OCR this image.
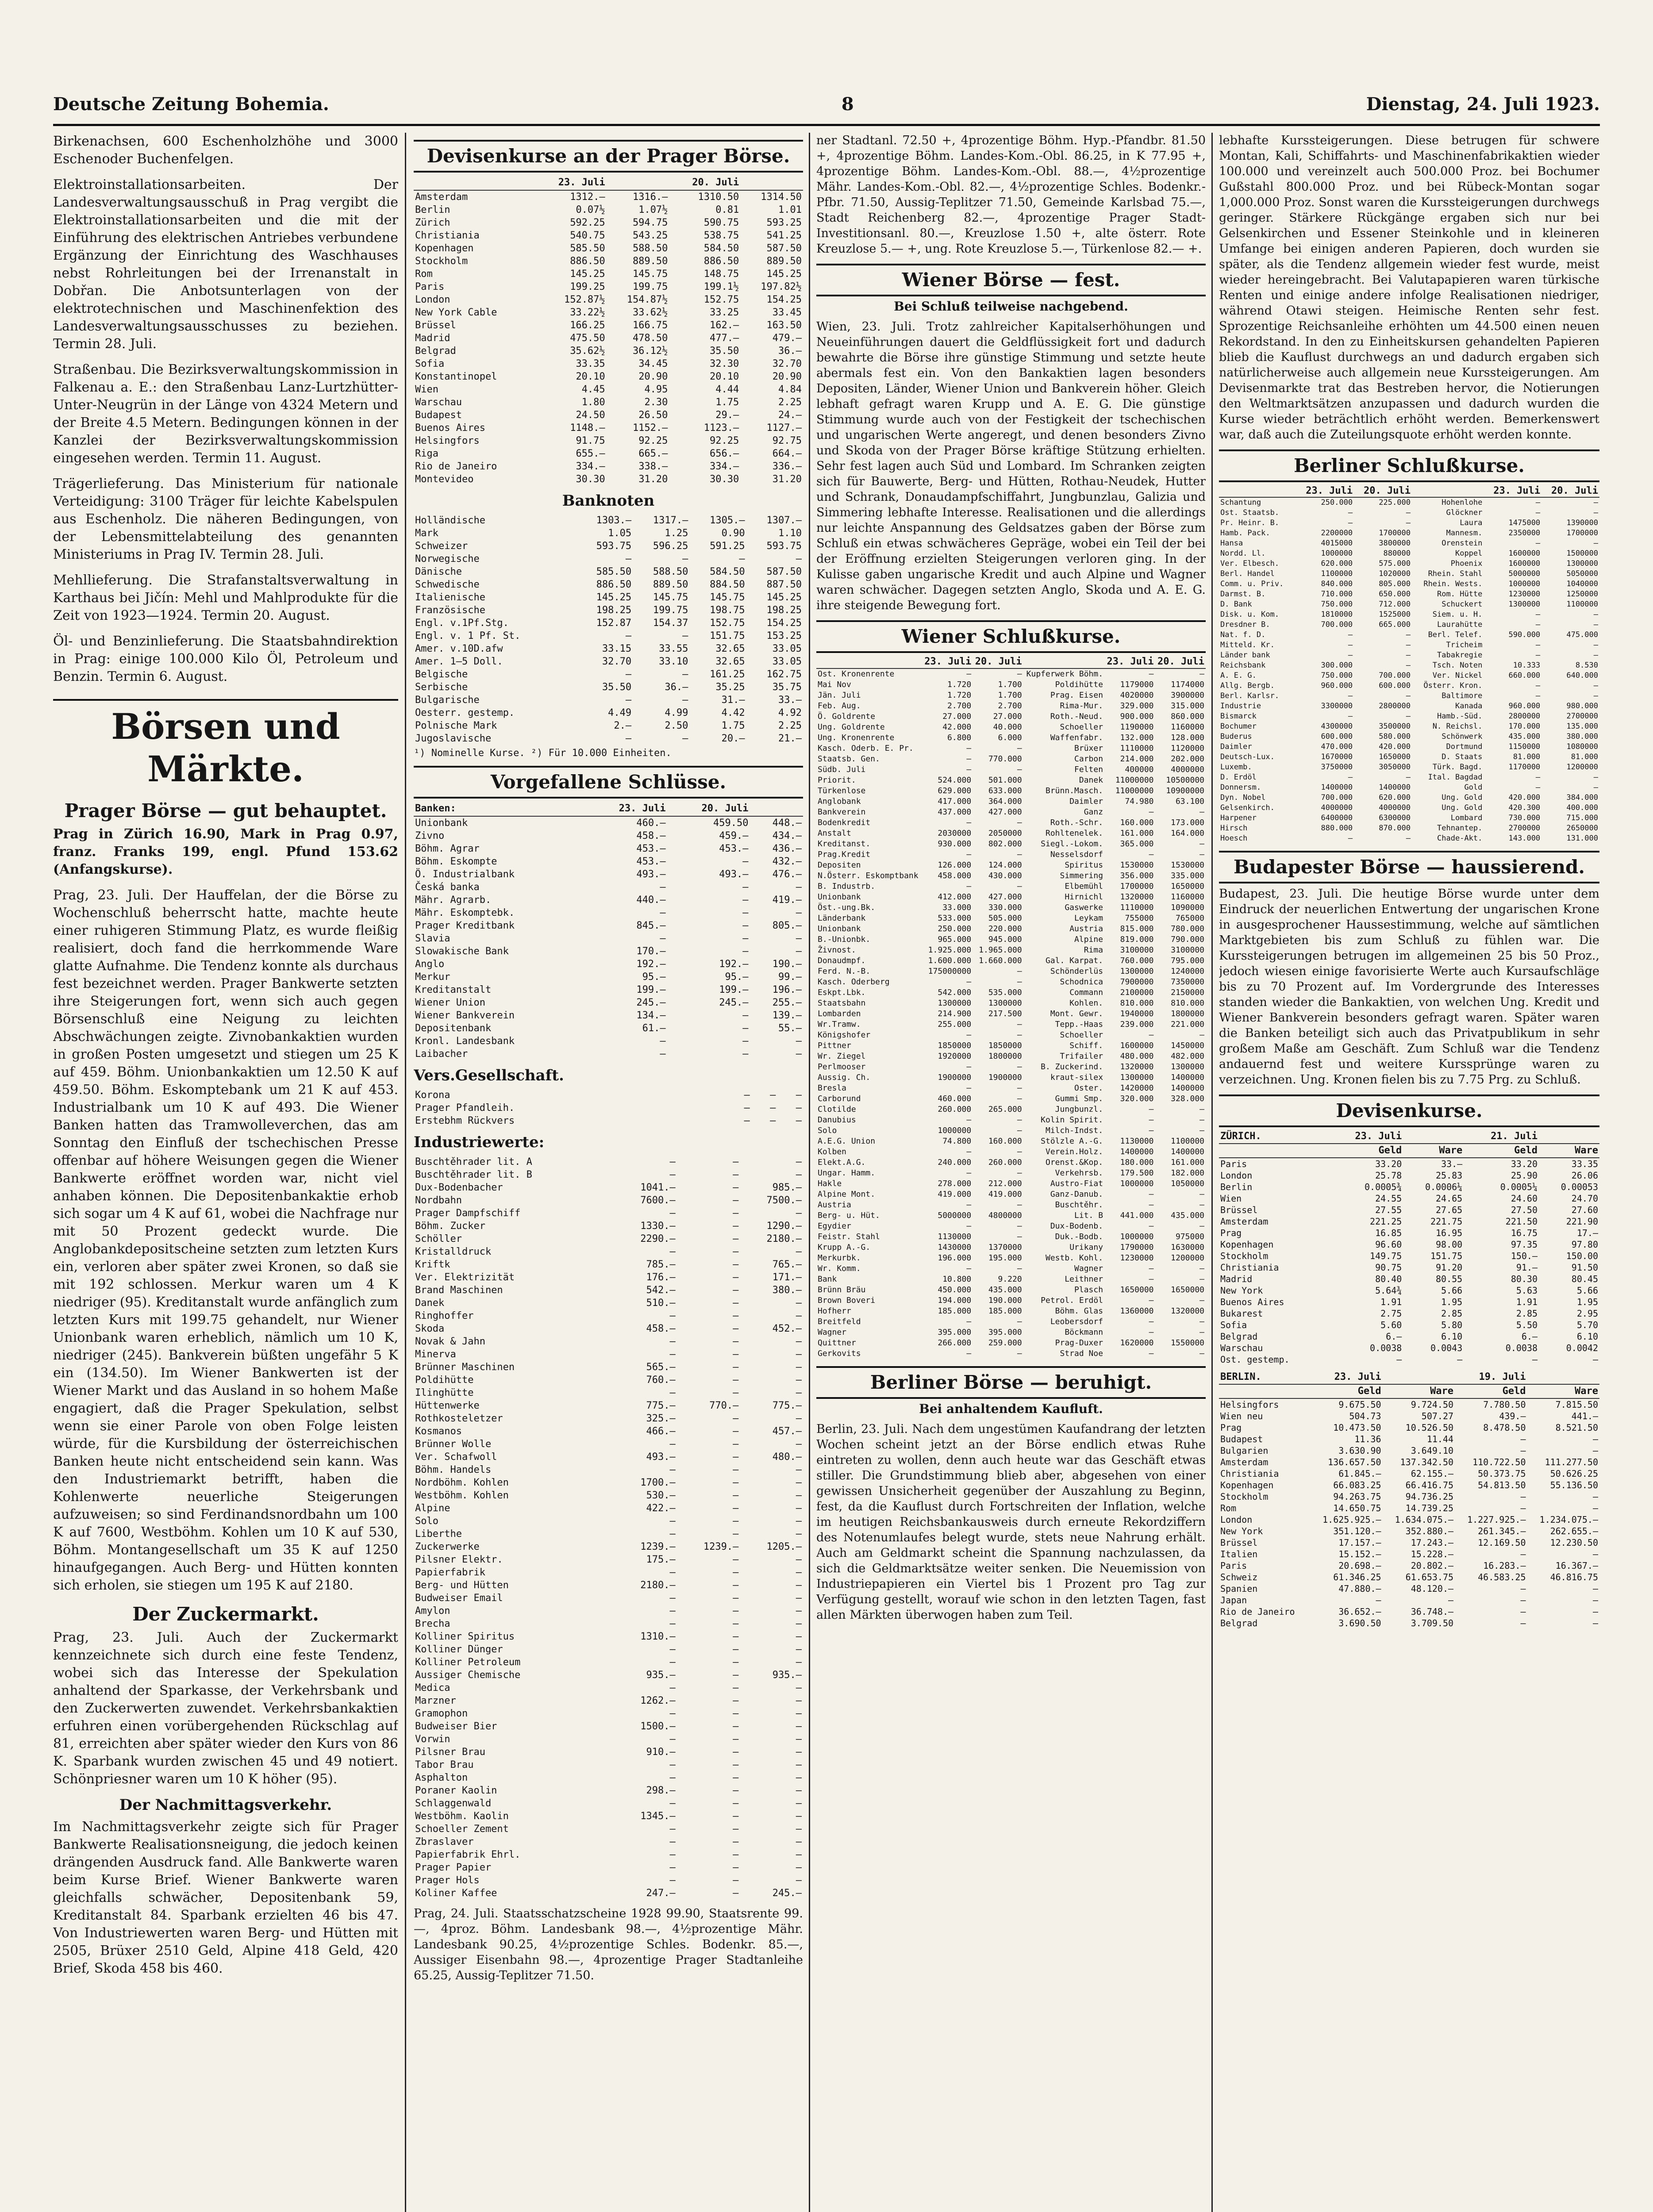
Deutsche Zeitung Bohemia.	8	Dienstag, 24. Juli 1923.

Birkenachsen, 600 Eschenholzhöhe und 3000 Eschenoder Buchenfelgen.

Elektroinstallationsarbeiten. Der Landesverwaltungsausschuß in Prag vergibt die Elektroinstallationsarbeiten und die mit der Einführung des elektrischen Antriebes verbundene Ergänzung der Einrichtung des Waschhauses nebst Rohrleitungen bei der Irrenanstalt in Dobřan. Die Anbotsunterlagen von der elektrotechnischen und Maschinenfektion des Landesverwaltungsausschusses zu beziehen. Termin 28. Juli.

Straßenbau. Die Bezirksverwaltungskommission in Falkenau a. E.: den Straßenbau Lanz-Lurtzhütter-Unter-Neugrün in der Länge von 4324 Metern und der Breite 4.5 Metern. Bedingungen können in der Kanzlei der Bezirksverwaltungskommission eingesehen werden. Termin 11. August.

Trägerlieferung. Das Ministerium für nationale Verteidigung: 3100 Träger für leichte Kabelspulen aus Eschenholz. Die näheren Bedingungen, von der Lebensmittelabteilung des genannten Ministeriums in Prag IV. Termin 28. Juli.

Mehllieferung. Die Strafanstaltsverwaltung in Karthaus bei Jičín: Mehl und Mahlprodukte für die Zeit von 1923—1924. Termin 20. August.

Öl- und Benzinlieferung. Die Staatsbahndirektion in Prag: einige 100.000 Kilo Öl, Petroleum und Benzin. Termin 6. August.

Börsen und Märkte.
Prager Börse — gut behauptet.

Prag in Zürich 16.90, Mark in Prag 0.97, franz. Franks 199, engl. Pfund 153.62 (Anfangskurse).

Prag, 23. Juli. Der Hauffelan, der die Börse zu Wochenschluß beherrscht hatte, machte heute einer ruhigeren Stimmung Platz, es wurde fleißig realisiert, doch fand die herrkommende Ware glatte Aufnahme. Die Tendenz konnte als durchaus fest bezeichnet werden. Prager Bankwerte setzten ihre Steigerungen fort, wenn sich auch gegen Börsenschluß eine Neigung zu leichten Abschwächungen zeigte. Zivnobankaktien wurden in großen Posten umgesetzt und stiegen um 25 K auf 459. Böhm. Unionbankaktien um 12.50 K auf 459.50. Böhm. Eskomptebank um 21 K auf 453. Industrialbank um 10 K auf 493. Die Wiener Banken hatten das Tramwolleverchen, das am Sonntag den Einfluß der tschechischen Presse offenbar auf höhere Weisungen gegen die Wiener Bankwerte eröffnet worden war, nicht viel anhaben können. Die Depositenbankaktie erhob sich sogar um 4 K auf 61, wobei die Nachfrage nur mit 50 Prozent gedeckt wurde. Die Anglobankdepositscheine setzten zum letzten Kurs ein, verloren aber später zwei Kronen, so daß sie mit 192 schlossen. Merkur waren um 4 K niedriger (95). Kreditanstalt wurde anfänglich zum letzten Kurs mit 199.75 gehandelt, nur Wiener Unionbank waren erheblich, nämlich um 10 K, niedriger (245). Bankverein büßten ungefähr 5 K ein (134.50). Im Wiener Bankwerten ist der Wiener Markt und das Ausland in so hohem Maße engagiert, daß die Prager Spekulation, selbst wenn sie einer Parole von oben Folge leisten würde, für die Kursbildung der österreichischen Banken heute nicht entscheidend sein kann. Was den Industriemarkt betrifft, haben die Kohlenwerte neuerliche Steigerungen aufzuweisen; so sind Ferdinandsnordbahn um 100 K auf 7600, Westböhm. Kohlen um 10 K auf 530, Böhm. Montangesellschaft um 35 K auf 1250 hinaufgegangen. Auch Berg- und Hütten konnten sich erholen, sie stiegen um 195 K auf 2180.

Der Zuckermarkt.

Prag, 23. Juli. Auch der Zuckermarkt kennzeichnete sich durch eine feste Tendenz, wobei sich das Interesse der Spekulation anhaltend der Sparkasse, der Verkehrsbank und den Zuckerwerten zuwendet. Verkehrsbankaktien erfuhren einen vorübergehenden Rückschlag auf 81, erreichten aber später wieder den Kurs von 86 K. Sparbank wurden zwischen 45 und 49 notiert. Schönpriesner waren um 10 K höher (95).

Der Nachmittagsverkehr.

Im Nachmittagsverkehr zeigte sich für Prager Bankwerte Realisationsneigung, die jedoch keinen drängenden Ausdruck fand. Alle Bankwerte waren beim Kurse Brief. Wiener Bankwerte waren gleichfalls schwächer, Depositenbank 59, Kreditanstalt 84. Sparbank erzielten 46 bis 47. Von Industriewerten waren Berg- und Hütten mit 2505, Brüxer 2510 Geld, Alpine 418 Geld, 420 Brief, Skoda 458 bis 460.

Devisenkurse an der Prager Börse.
	23. Juli		20. Juli	
Amsterdam	1312.—	1316.—	1310.50	1314.50
Berlin	0.07½	1.07½	0.81	1.01
Zürich	592.25	594.75	590.75	593.25
Christiania	540.75	543.25	538.75	541.25
Kopenhagen	585.50	588.50	584.50	587.50
Stockholm	886.50	889.50	886.50	889.50
Rom	145.25	145.75	148.75	145.25
Paris	199.25	199.75	199.1½	197.82½
London	152.87½	154.87½	152.75	154.25
New York Cable	33.22½	33.62½	33.25	33.45
Brüssel	166.25	166.75	162.—	163.50
Madrid	475.50	478.50	477.—	479.—
Belgrad	35.62½	36.12½	35.50	36.—
Sofia	33.35	34.45	32.30	32.70
Konstantinopel	20.10	20.90	20.10	20.90
Wien	4.45	4.95	4.44	4.84
Warschau	1.80	2.30	1.75	2.25
Budapest	24.50	26.50	29.—	24.—
Buenos Aires	1148.—	1152.—	1123.—	1127.—
Helsingfors	91.75	92.25	92.25	92.75
Riga	655.—	665.—	656.—	664.—
Rio de Janeiro	334.—	338.—	334.—	336.—
Montevideo	30.30	31.20	30.30	31.20
Banknoten
Holländische	1303.—	1317.—	1305.—	1307.—
Mark	1.05	1.25	0.90	1.10
Schweizer	593.75	596.25	591.25	593.75
Norwegische	—	—	—	—
Dänische	585.50	588.50	584.50	587.50
Schwedische	886.50	889.50	884.50	887.50
Italienische	145.25	145.75	145.75	145.25
Französische	198.25	199.75	198.75	198.25
Engl. v.1Pf.Stg.	152.87	154.37	152.75	154.25
Engl. v. 1 Pf. St.	—	—	151.75	153.25
Amer. v.10D.afw	33.15	33.55	32.65	33.05
Amer. 1—5 Doll.	32.70	33.10	32.65	33.05
Belgische	—	—	161.25	162.75
Serbische	35.50	36.—	35.25	35.75
Bulgarische	—	—	31.—	33.—
Oesterr. gestemp.	4.49	4.99	4.42	4.92
Polnische Mark	2.—	2.50	1.75	2.25
Jugoslavische	—	—	20.—	21.—
¹) Nominelle Kurse. ²) Für 10.000 Einheiten.
Vorgefallene Schlüsse.
Banken:	23. Juli	20. Juli	
Unionbank	460.—	459.50	448.—
Zivno	458.—	459.—	434.—
Böhm. Agrar	453.—	453.—	436.—
Böhm. Eskompte	453.—	—	432.—
Ö. Industrialbank	493.—	493.—	476.—
Česká banka	—	—	—
Mähr. Agrarb.	440.—	—	419.—
Mähr. Eskomptebk.	—	—	—
Prager Kreditbank	845.—	—	805.—
Slavia	—	—	—
Slowakische Bank	170.—	—	—
Anglo	192.—	192.—	190.—
Merkur	95.—	95.—	99.—
Kreditanstalt	199.—	199.—	196.—
Wiener Union	245.—	245.—	255.—
Wiener Bankverein	134.—	—	139.—
Depositenbank	61.—	—	55.—
Kronl. Landesbank	—	—	—
Laibacher	—	—	—
Vers.Gesellschaft.
Korona	—	—	—
Prager Pfandleih.	—	—	—
Erstebhm Rückvers	—	—	—
Industriewerte:
Buschtěhrader lit. A	—	—	—
Buschtěhrader lit. B	—	—	—
Dux-Bodenbacher	1041.—	—	985.—
Nordbahn	7600.—	—	7500.—
Prager Dampfschiff	—	—	—
Böhm. Zucker	1330.—	—	1290.—
Schöller	2290.—	—	2180.—
Kristalldruck	—	—	—
Kriftk	785.—	—	765.—
Ver. Elektrizität	176.—	—	171.—
Brand Maschinen	542.—	—	380.—
Danek	510.—	—	—
Ringhoffer	—	—	—
Skoda	458.—	—	452.—
Novak & Jahn	—	—	—
Minerva	—	—	—
Brünner Maschinen	565.—	—	—
Poldihütte	760.—	—	—
Ilinghütte	—	—	—
Hüttenwerke	775.—	770.—	775.—
Rothkosteletzer	325.—	—	—
Kosmanos	466.—	—	457.—
Brünner Wolle	—	—	—
Ver. Schafwoll	493.—	—	480.—
Böhm. Handels	—	—	—
Nordböhm. Kohlen	1700.—	—	—
Westböhm. Kohlen	530.—	—	—
Alpine	422.—	—	—
Solo	—	—	—
Liberthe	—	—	—
Zuckerwerke	1239.—	1239.—	1205.—
Pilsner Elektr.	175.—	—	—
Papierfabrik	—	—	—
Berg- und Hütten	2180.—	—	—
Budweiser Email	—	—	—
Amylon	—	—	—
Brecha	—	—	—
Kolliner Spiritus	1310.—	—	—
Kolliner Dünger	—	—	—
Kolliner Petroleum	—	—	—
Aussiger Chemische	935.—	—	935.—
Medica	—	—	—
Marzner	1262.—	—	—
Gramophon	—	—	—
Budweiser Bier	1500.—	—	—
Vorwin	—	—	—
Pilsner Brau	910.—	—	—
Tabor Brau	—	—	—
Asphalton	—	—	—
Poraner Kaolin	298.—	—	—
Schlaggenwald	—	—	—
Westböhm. Kaolin	1345.—	—	—
Schoeller Zement	—	—	—
Zbraslaver	—	—	—
Papierfabrik Ehrl.	—	—	—
Prager Papier	—	—	—
Prager Hols	—	—	—
Koliner Kaffee	247.—	—	245.—

Prag, 24. Juli. Staatsschatzscheine 1928 99.90, Staatsrente 99.—, 4proz. Böhm. Landesbank 98.—, 4½prozentige Mähr. Landesbank 90.25, 4½prozentige Schles. Bodenkr. 85.—, Aussiger Eisenbahn 98.—, 4prozentige Prager Stadtanleihe 65.25, Aussig-Teplitzer 71.50.

ner Stadtanl. 72.50 +, 4prozentige Böhm. Hyp.-Pfandbr. 81.50 +, 4prozentige Böhm. Landes-Kom.-Obl. 86.25, in K 77.95 +, 4prozentige Böhm. Landes-Kom.-Obl. 88.—, 4½prozentige Mähr. Landes-Kom.-Obl. 82.—, 4½prozentige Schles. Bodenkr.-Pfbr. 71.50, Aussig-Teplitzer 71.50, Gemeinde Karlsbad 75.—, Stadt Reichenberg 82.—, 4prozentige Prager Stadt-Investitionsanl. 80.—, Kreuzlose 1.50 +, alte österr. Rote Kreuzlose 5.— +, ung. Rote Kreuzlose 5.—, Türkenlose 82.— +.

Wiener Börse — fest.
Bei Schluß teilweise nachgebend.

Wien, 23. Juli. Trotz zahlreicher Kapitalserhöhungen und Neueinführungen dauert die Geldflüssigkeit fort und dadurch bewahrte die Börse ihre günstige Stimmung und setzte heute abermals fest ein. Von den Bankaktien lagen besonders Depositen, Länder, Wiener Union und Bankverein höher. Gleich lebhaft gefragt waren Krupp und A. E. G. Die günstige Stimmung wurde auch von der Festigkeit der tschechischen und ungarischen Werte angeregt, und denen besonders Zivno und Skoda von der Prager Börse kräftige Stützung erhielten. Sehr fest lagen auch Süd und Lombard. Im Schranken zeigten sich für Bauwerte, Berg- und Hütten, Rothau-Neudek, Hutter und Schrank, Donaudampfschiffahrt, Jungbunzlau, Galizia und Simmering lebhafte Interesse. Realisationen und die allerdings nur leichte Anspannung des Geldsatzes gaben der Börse zum Schluß ein etwas schwächeres Gepräge, wobei ein Teil der bei der Eröffnung erzielten Steigerungen verloren ging. In der Kulisse gaben ungarische Kredit und auch Alpine und Wagner waren schwächer. Dagegen setzten Anglo, Skoda und A. E. G. ihre steigende Bewegung fort.

Wiener Schlußkurse.
	23. Juli	20. Juli		23. Juli	20. Juli
Ost. Kronenrente	—	—	Kupferwerk Böhm.	—	—
Mai Nov	1.720	1.700	Poldihütte	1179000	1174000
Jän. Juli	1.720	1.700	Prag. Eisen	4020000	3900000
Feb. Aug.	2.700	2.700	Rima-Mur.	329.000	315.000
Ö. Goldrente	27.000	27.000	Roth.-Neud.	900.000	860.000
Ung. Goldrente	42.000	40.000	Schoeller	1190000	1160000
Ung. Kronenrente	6.800	6.000	Waffenfabr.	132.000	128.000
Kasch. Oderb. E. Pr.	—	—	Brüxer	1110000	1120000
Staatsb. Gen.	—	770.000	Carbon	214.000	202.000
Südb. Juli	—	—	Felten	400000	4000000
Priorit.	524.000	501.000	Danek	11000000	10500000
Türkenlose	629.000	633.000	Brünn.Masch.	11000000	10900000
Anglobank	417.000	364.000	Daimler	74.980	63.100
Bankverein	437.000	427.000	Ganz	—	—
Bodenkredit	—	—	Roth.-Schr.	160.000	173.000
Anstalt	2030000	2050000	Rohltenelek.	161.000	164.000
Kreditanst.	930.000	802.000	Siegl.-Lokom.	365.000	—
Prag.Kredit	—	—	Nesselsdorf	—	—
Depositen	126.000	124.000	Spiritus	1530000	1530000
N.Österr. Eskomptbank	458.000	430.000	Simmering	356.000	335.000
B. Industrb.	—	—	Elbemühl	1700000	1650000
Unionbank	412.000	427.000	Hirnichl	1320000	1160000
Öst.-ung.Bk.	33.000	330.000	Gaswerke	1110000	1090000
Länderbank	533.000	505.000	Leykam	755000	765000
Unionbank	250.000	220.000	Austria	815.000	780.000
B.-Unionbk.	965.000	945.000	Alpine	819.000	790.000
Živnost.	1.925.000	1.965.000	Rima	3100000	3100000
Donaudmpf.	1.600.000	1.660.000	Gal. Karpat.	760.000	795.000
Ferd. N.-B.	175000000	—	Schönderlüs	1300000	1240000
Kasch. Oderberg	—	—	Schodnica	7900000	7350000
Eskpt.Lbk.	542.000	535.000	Commann	2100000	2150000
Staatsbahn	1300000	1300000	Kohlen.	810.000	810.000
Lombarden	214.900	217.500	Mont. Gewr.	1940000	1800000
Wr.Tramw.	255.000	—	Tepp.-Haas	239.000	221.000
Königshofer	—	—	Schoeller	—	—
Pittner	1850000	1850000	Schiff.	1600000	1450000
Wr. Ziegel	1920000	1800000	Trifailer	480.000	482.000
Perlmooser	—	—	B. Zuckerind.	1320000	1300000
Aussig. Ch.	1900000	1900000	kraut-silex	1300000	1400000
Bresla	—	—	Oster.	1420000	1400000
Carborund	460.000	—	Gummi Smp.	320.000	328.000
Clotilde	260.000	265.000	Jungbunzl.	—	—
Danubius	—	—	Kolin Spirit.	—	—
Solo	1000000	—	Milch-Indst.	—	—
A.E.G. Union	74.800	160.000	Stölzle A.-G.	1130000	1100000
Kolben	—	—	Verein.Holz.	1400000	1400000
Elekt.A.G.	240.000	260.000	Orenst.&Kop.	180.000	161.000
Ungar. Hamm.	—	—	Verkehrsb.	179.500	182.000
Hakle	278.000	212.000	Austro-Fiat	1000000	1050000
Alpine Mont.	419.000	419.000	Ganz-Danub.	—	—
Austria	—	—	Buschtěhr.	—	—
Berg- u. Hüt.	5000000	4800000	Lit. B	441.000	435.000
Egydier	—	—	Dux-Bodenb.	—	—
Feistr. Stahl	1130000	—	Duk.-Bodb.	1000000	975000
Krupp A.-G.	1430000	1370000	Urikany	1790000	1630000
Merkurbk.	196.000	195.000	Westb. Kohl.	1230000	1200000
Wr. Komm.	—	—	Wagner	—	—
Bank	10.800	9.220	Leithner	—	—
Brünn Bräu	450.000	435.000	Plasch	1650000	1650000
Brown Boveri	194.000	190.000	Petrol. Erdöl	—	—
Hofherr	185.000	185.000	Böhm. Glas	1360000	1320000
Breitfeld	—	—	Leobersdorf	—	—
Wagner	395.000	395.000	Böckmann	—	—
Quittner	266.000	259.000	Prag-Duxer	1620000	1550000
Gerkovits	—	—	Strad Noe	—	—
Berliner Börse — beruhigt.
Bei anhaltendem Kaufluft.

Berlin, 23. Juli. Nach dem ungestümen Kaufandrang der letzten Wochen scheint jetzt an der Börse endlich etwas Ruhe eintreten zu wollen, denn auch heute war das Geschäft etwas stiller. Die Grundstimmung blieb aber, abgesehen von einer gewissen Unsicherheit gegenüber der Auszahlung zu Beginn, fest, da die Kauflust durch Fortschreiten der Inflation, welche im heutigen Reichsbankausweis durch erneute Rekordziffern des Notenumlaufes belegt wurde, stets neue Nahrung erhält. Auch am Geldmarkt scheint die Spannung nachzulassen, da sich die Geldmarktsätze weiter senken. Die Neuemission von Industriepapieren ein Viertel bis 1 Prozent pro Tag zur Verfügung gestellt, worauf wie schon in den letzten Tagen, fast allen Märkten überwogen haben zum Teil.

lebhafte Kurssteigerungen. Diese betrugen für schwere Montan, Kali, Schiffahrts- und Maschinenfabrikaktien wieder 100.000 und vereinzelt auch 500.000 Proz. bei Bochumer Gußstahl 800.000 Proz. und bei Rübeck-Montan sogar 1,000.000 Proz. Sonst waren die Kurssteigerungen durchwegs geringer. Stärkere Rückgänge ergaben sich nur bei Gelsenkirchen und Essener Steinkohle und in kleineren Umfange bei einigen anderen Papieren, doch wurden sie später, als die Tendenz allgemein wieder fest wurde, meist wieder hereingebracht. Bei Valutapapieren waren türkische Renten und einige andere infolge Realisationen niedriger, während Otawi steigen. Heimische Renten sehr fest. Sprozentige Reichsanleihe erhöhten um 44.500 einen neuen Rekordstand. In den zu Einheitskursen gehandelten Papieren blieb die Kauflust durchwegs an und dadurch ergaben sich natürlicherweise auch allgemein neue Kurssteigerungen. Am Devisenmarkte trat das Bestreben hervor, die Notierungen den Weltmarktsätzen anzupassen und dadurch wurden die Kurse wieder beträchtlich erhöht werden. Bemerkenswert war, daß auch die Zuteilungsquote erhöht werden konnte.

Berliner Schlußkurse.
	23. Juli	20. Juli		23. Juli	20. Juli
Schantung	250.000	225.000	Hohenlohe	—	—
Ost. Staatsb.	—	—	Glöckner	—	—
Pr. Heinr. B.	—	—	Laura	1475000	1390000
Hamb. Pack.	2200000	1700000	Mannesm.	2350000	1700000
Hansa	4015000	3800000	Orenstein	—	—
Nordd. Ll.	1000000	880000	Koppel	1600000	1500000
Ver. Elbesch.	620.000	575.000	Phoenix	1600000	1300000
Berl. Handel	1100000	1020000	Rhein. Stahl	5000000	5050000
Comm. u. Priv.	840.000	805.000	Rhein. Wests.	1000000	1040000
Darmst. B.	710.000	650.000	Rom. Hütte	1230000	1250000
D. Bank	750.000	712.000	Schuckert	1300000	1100000
Disk. u. Kom.	1810000	1525000	Siem. u. H.	—	—
Dresdner B.	700.000	665.000	Laurahütte	—	—
Nat. f. D.	—	—	Berl. Telef.	590.000	475.000
Mitteld. Kr.	—	—	Tricheim	—	—
Länder bank	—	—	Tabakregie	—	—
Reichsbank	300.000	—	Tsch. Noten	10.333	8.530
A. E. G.	750.000	700.000	Ver. Nickel	660.000	640.000
Allg. Bergb.	960.000	600.000	Österr. Kron.	—	—
Berl. Karlsr.	—	—	Baltimore	—	—
Industrie	3300000	2800000	Kanada	960.000	980.000
Bismarck	—	—	Hamb.-Süd.	2800000	2700000
Bochumer	4300000	3500000	N. Reichsl.	170.000	135.000
Buderus	600.000	580.000	Schönwerk	435.000	380.000
Daimler	470.000	420.000	Dortmund	1150000	1080000
Deutsch-Lux.	1670000	1650000	D. Staats	81.000	81.000
Luxemb.	3750000	3050000	Türk. Bagd.	1170000	1200000
D. Erdöl	—	—	Ital. Bagdad	—	—
Donnersm.	1400000	1400000	Gold	—	—
Dyn. Nobel	700.000	620.000	Ung. Gold	420.000	384.000
Gelsenkirch.	4000000	4000000	Ung. Gold	420.300	400.000
Harpener	6400000	6300000	Lombard	730.000	715.000
Hirsch	880.000	870.000	Tehnantep.	2700000	2650000
Hoesch	—	—	Chade-Akt.	143.000	131.000
Budapester Börse — haussierend.

Budapest, 23. Juli. Die heutige Börse wurde unter dem Eindruck der neuerlichen Entwertung der ungarischen Krone in ausgesprochener Haussestimmung, welche auf sämtlichen Marktgebieten bis zum Schluß zu fühlen war. Die Kurssteigerungen betrugen im allgemeinen 25 bis 50 Proz., jedoch wiesen einige favorisierte Werte auch Kursaufschläge bis zu 70 Prozent auf. Im Vordergrunde des Interesses standen wieder die Bankaktien, von welchen Ung. Kredit und Wiener Bankverein besonders gefragt waren. Später waren die Banken beteiligt sich auch das Privatpublikum in sehr großem Maße am Geschäft. Zum Schluß war die Tendenz andauernd fest und weitere Kurssprünge waren zu verzeichnen. Ung. Kronen fielen bis zu 7.75 Prg. zu Schluß.

Devisenkurse.
ZÜRICH.	23. Juli		21. Juli	
	Geld	Ware	Geld	Ware
Paris	33.20	33.—	33.20	33.35
London	25.78	25.83	25.90	26.06
Berlin	0.0005¾	0.0006¼	0.0005¼	0.00053
Wien	24.55	24.65	24.60	24.70
Brüssel	27.55	27.65	27.50	27.60
Amsterdam	221.25	221.75	221.50	221.90
Prag	16.85	16.95	16.75	17.—
Kopenhagen	96.60	98.00	97.35	97.80
Stockholm	149.75	151.75	150.—	150.00
Christiania	90.75	91.20	91.—	91.50
Madrid	80.40	80.55	80.30	80.45
New York	5.64¾	5.66	5.63	5.66
Buenos Aires	1.91	1.95	1.91	1.95
Bukarest	2.75	2.85	2.85	2.95
Sofia	5.60	5.80	5.50	5.70
Belgrad	6.—	6.10	6.—	6.10
Warschau	0.0038	0.0043	0.0038	0.0042
Ost. gestemp.	—	—	—	—
BERLIN.	23. Juli		19. Juli	
	Geld	Ware	Geld	Ware
Helsingfors	9.675.50	9.724.50	7.780.50	7.815.50
Wien neu	504.73	507.27	439.—	441.—
Prag	10.473.50	10.526.50	8.478.50	8.521.50
Budapest	11.36	11.44	—	—
Bulgarien	3.630.90	3.649.10	—	—
Amsterdam	136.657.50	137.342.50	110.722.50	111.277.50
Christiania	61.845.—	62.155.—	50.373.75	50.626.25
Kopenhagen	66.083.25	66.416.75	54.813.50	55.136.50
Stockholm	94.263.75	94.736.25	—	—
Rom	14.650.75	14.739.25	—	—
London	1.625.925.—	1.634.075.—	1.227.925.—	1.234.075.—
New York	351.120.—	352.880.—	261.345.—	262.655.—
Brüssel	17.157.—	17.243.—	12.169.50	12.230.50
Italien	15.152.—	15.228.—	—	—
Paris	20.698.—	20.802.—	16.283.—	16.367.—
Schweiz	61.346.25	61.653.75	46.583.25	46.816.75
Spanien	47.880.—	48.120.—	—	—
Japan	—	—	—	—
Rio de Janeiro	36.652.—	36.748.—	—	—
Belgrad	3.690.50	3.709.50	—	—
